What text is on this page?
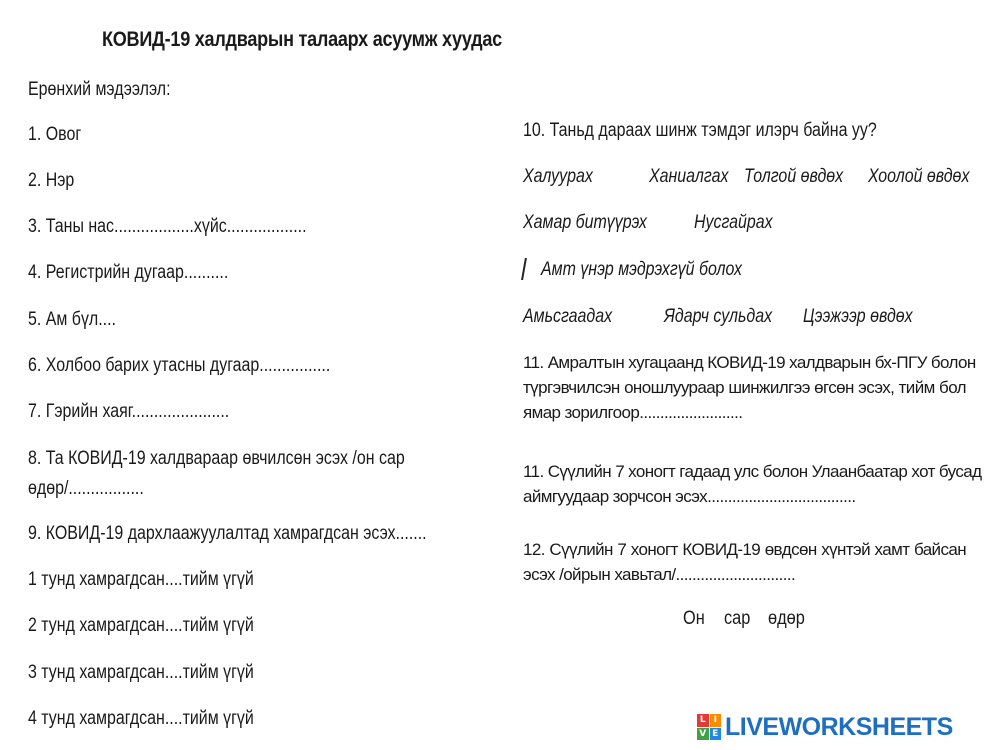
КОВИД-19 халдварын талаарх асуумж хуудас
Ерөнхий мэдээлэл:
1. Овог
2. Нэр
3. Таны нас..................хүйс..................
4. Регистрийн дугаар..........
5. Ам бүл....
6. Холбоо барих утасны дугаар................
7. Гэрийн хаяг......................
8. Та КОВИД-19 халдвараар өвчилсөн эсэх /он сар
өдөр/.................
9. КОВИД-19 дархлаажуулалтад хамрагдсан эсэх.......
1 тунд хамрагдсан....тийм үгүй
2 тунд хамрагдсан....тийм үгүй
3 тунд хамрагдсан....тийм үгүй
4 тунд хамрагдсан....тийм үгүй
10. Таньд дараах шинж тэмдэг илэрч байна уу?
Халуурах	Ханиалгах Толгой өвдөх Хоолой өвдөх
Хамар битүүрэх Нусгайрах
Амт үнэр мэдрэхгүй болох
Амьсгаадах	Ядарч сульдах Цээжээр өвдөх
11. Амралтын хугацаанд КОВИД-19 халдварын бх-ПГУ болон
түргэвчилсэн оношлуураар шинжилгээ өгсөн эсэх, тийм бол
ямар зорилгоор.........................
11. Сүүлийн 7 хоногт гадаад улс болон Улаанбаатар хот бусад
аймгуудаар зорчсон эсэх....................................
12. Сүүлийн 7 хоногт КОВИД-19 өвдсөн хүнтэй хамт байсан
эсэх /ойрын хавьтал/.............................
Он сар өдөр
L I
V E LIVEWORKSHEETS
